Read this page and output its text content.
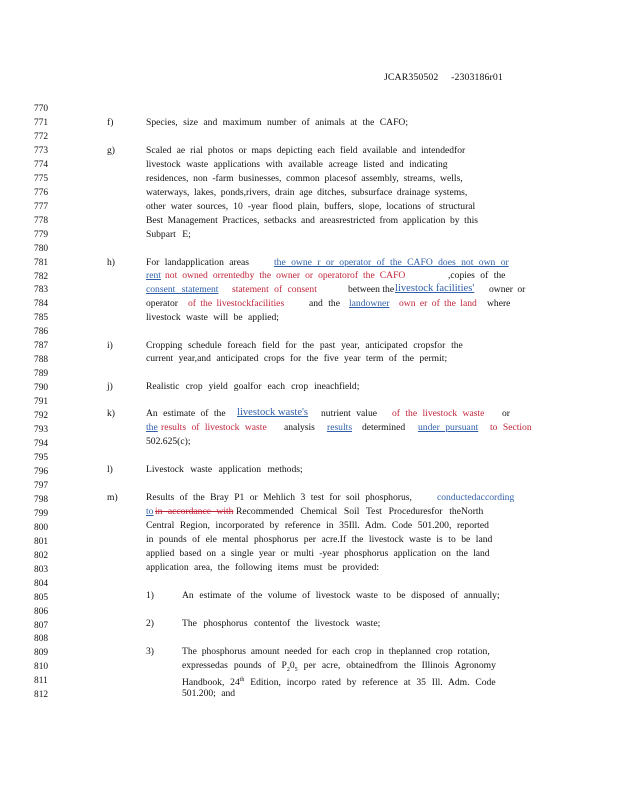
JCAR350502 -2303186r01
770
771
772
773
774
775
776
777
778
779
780
781
782
783
784
785
786
787
788
789
790
791
792
793
794
795
796
797
798
799
800
801
802
803
804
805
806
807
808
809
810
811
812
f)	Species, size and maximum number of animals at the CAFO;
g)	Scaled ae rial photos or maps depicting each field available and intendedfor
livestock waste applications with available acreage listed and indicating
residences, non -farm businesses, common placesof assembly, streams, wells,
waterways, lakes, ponds,rivers, drain age ditches, subsurface drainage systems,
other water sources, 10 -year flood plain, buffers, slope, locations of structural
Best Management Practices, setbacks and areasrestricted from application by this
Subpart E;
h)	For landapplication areas	the owne r or operator of the CAFO does not own or
rent not owned orrentedby the owner or operatorof the CAFO	,copies of the
consent statement statement of consent	between the livestock facilities' owner or
operator of the livestockfacilities	and the landowner own er of the land where
livestock waste will be applied;
i)	Cropping schedule foreach field for the past year, anticipated cropsfor the
current year,and anticipated crops for the five year term of the permit;
j)	Realistic crop yield goalfor each crop ineachfield;
k)	An estimate of the livestock waste's nutrient value of the livestock waste or
the results of livestock waste analysis results	determined under pursuant to Section
502.625(c);
l)	Livestock waste application methods;
m)	Results of the Bray P1 or Mehlich 3 test for soil phosphorus,	conductedaccording
to in accordance with Recommended Chemical Soil Test Proceduresfor theNorth
Central Region, incorporated by reference in 35Ill. Adm. Code 501.200, reported
in pounds of ele mental phosphorus per acre.If the livestock waste is to be land
applied based on a single year or multi -year phosphorus application on the land
application area, the following items must be provided:
1)	An estimate of the volume of livestock waste to be disposed of annually;
2)	The phosphorus contentof the livestock waste;
3)	The phosphorus amount needed for each crop in theplanned crop rotation,
expressedas pounds of $P_20_5$ per acre, obtainedfrom the Illinois Agronomy
Handbook, 24th Edition, incorpo rated by reference at 35 Ill. Adm. Code
501.200; and
